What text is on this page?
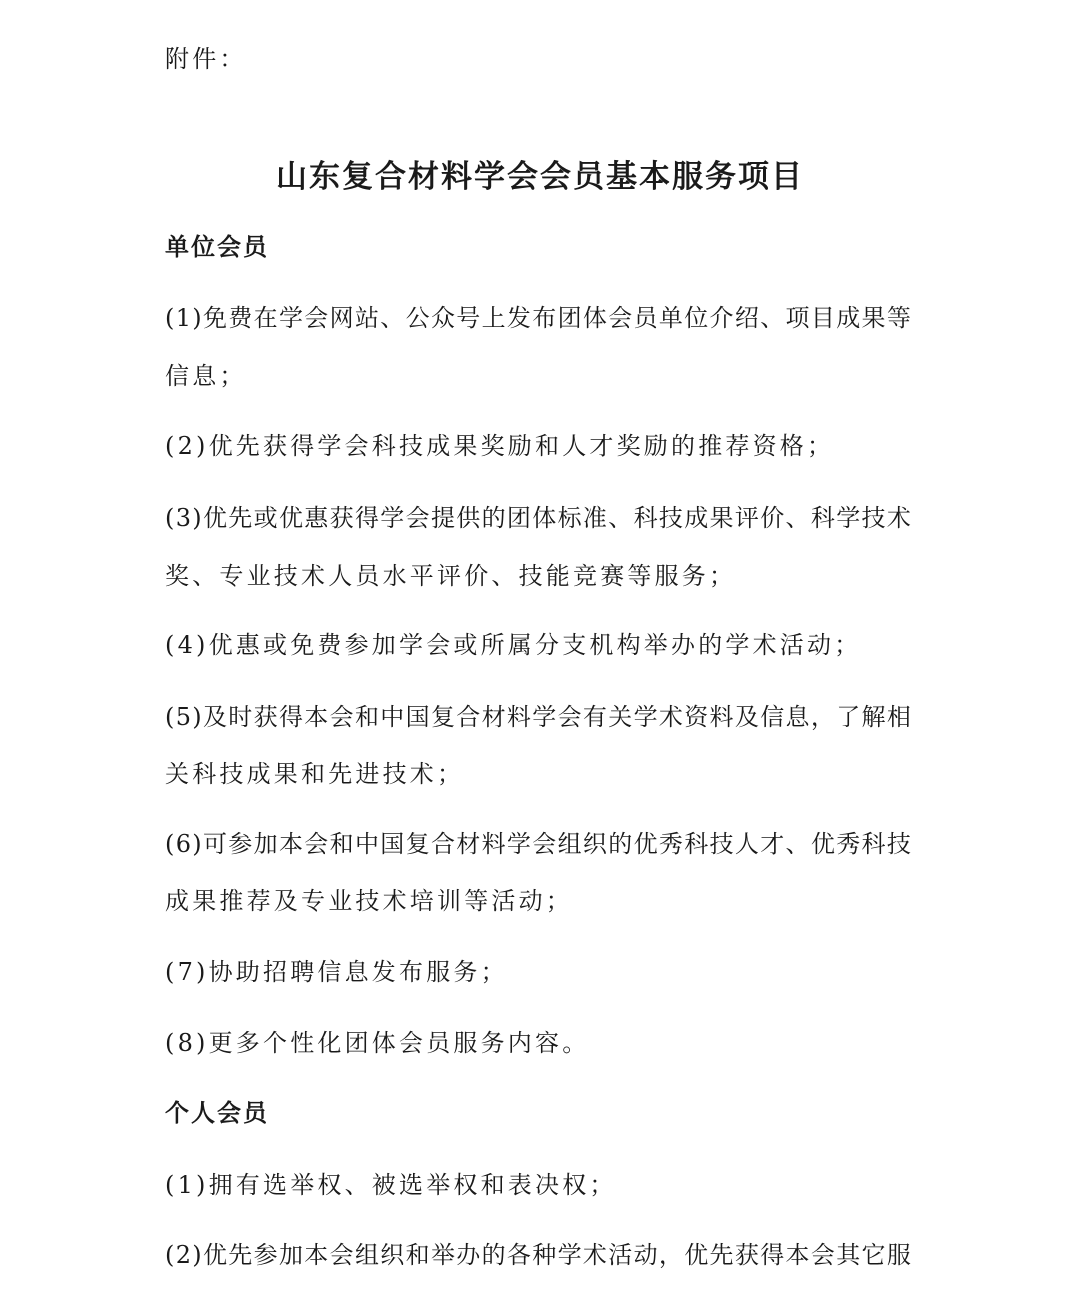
附件：
山东复合材料学会会员基本服务项目
单位会员
(1)免费在学会网站、公众号上发布团体会员单位介绍、项目成果等
信息；
(2)优先获得学会科技成果奖励和人才奖励的推荐资格；
(3)优先或优惠获得学会提供的团体标准、科技成果评价、科学技术
奖、专业技术人员水平评价、技能竞赛等服务；
(4)优惠或免费参加学会或所属分支机构举办的学术活动；
(5)及时获得本会和中国复合材料学会有关学术资料及信息，了解相
关科技成果和先进技术；
(6)可参加本会和中国复合材料学会组织的优秀科技人才、优秀科技
成果推荐及专业技术培训等活动；
(7)协助招聘信息发布服务；
(8)更多个性化团体会员服务内容。
个人会员
(1)拥有选举权、被选举权和表决权；
(2)优先参加本会组织和举办的各种学术活动，优先获得本会其它服
